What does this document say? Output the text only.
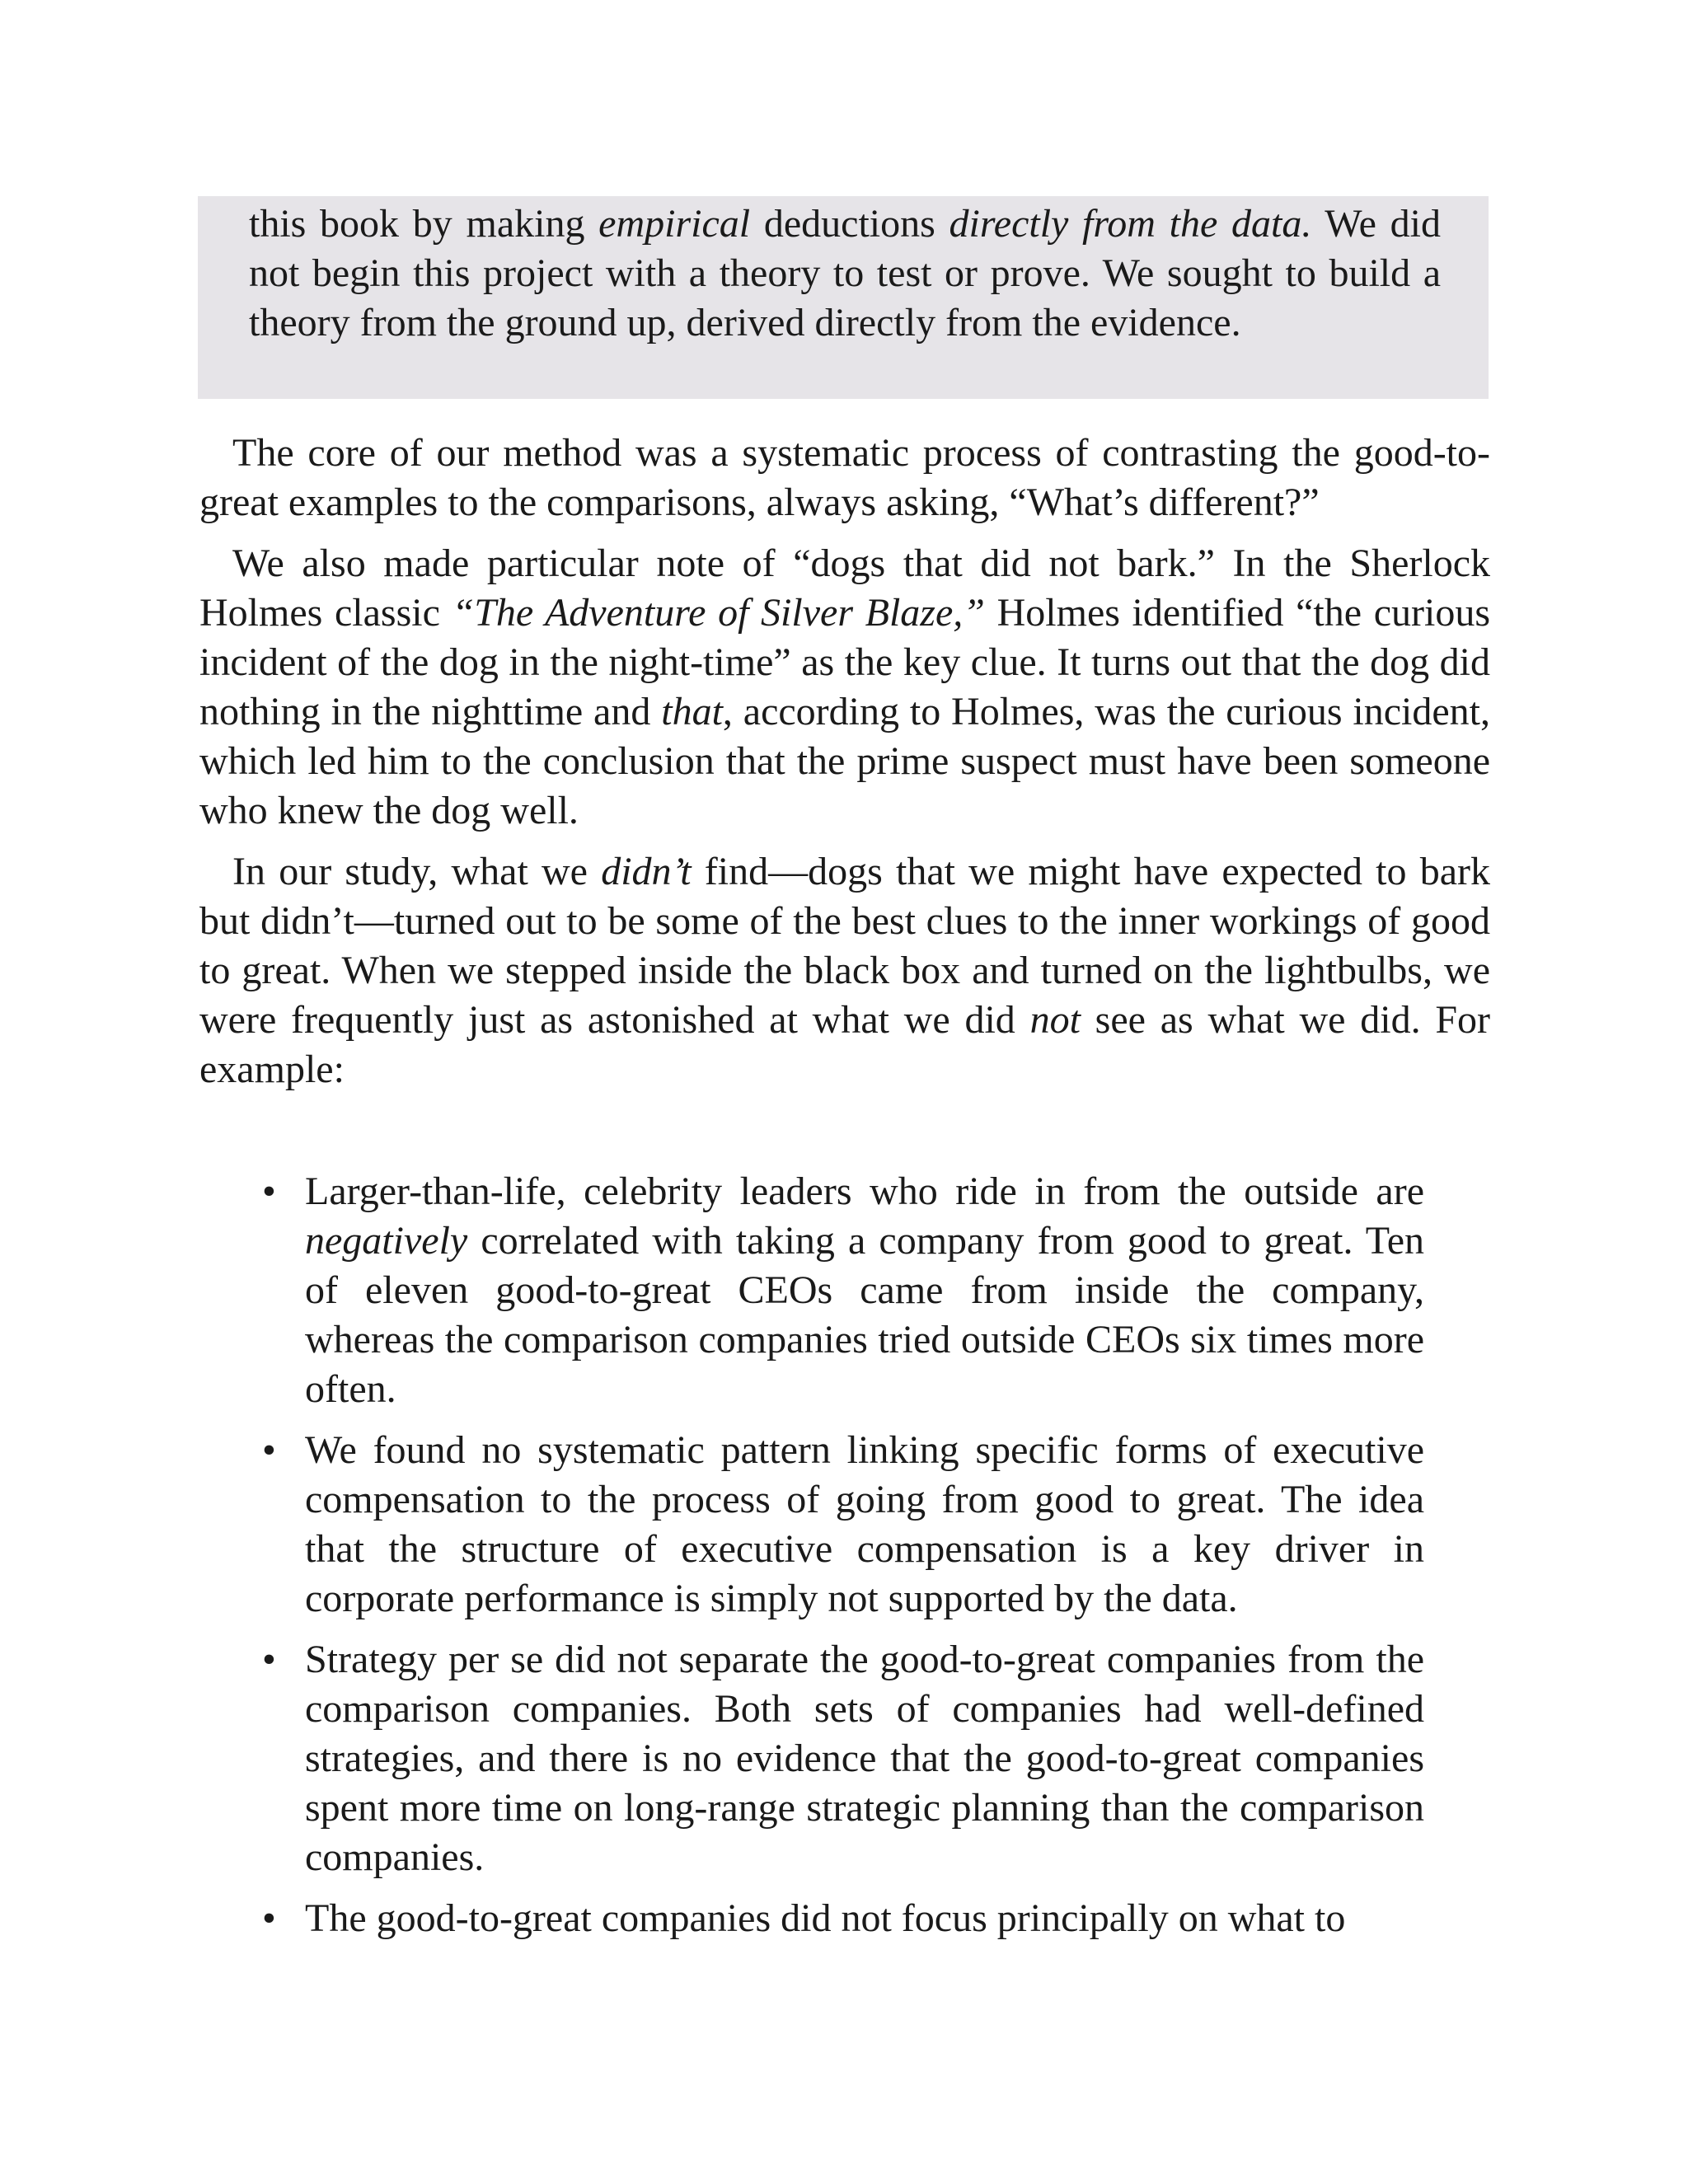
this book by making empirical deductions directly from the data. We did not begin this project with a theory to test or prove. We sought to build a theory from the ground up, derived directly from the evidence.

The core of our method was a systematic process of contrasting the good-to-great examples to the comparisons, always asking, “What’s different?”

We also made particular note of “dogs that did not bark.” In the Sherlock Holmes classic “The Adventure of Silver Blaze,” Holmes identified “the curious incident of the dog in the night-time” as the key clue. It turns out that the dog did nothing in the nighttime and that, according to Holmes, was the curious incident, which led him to the conclusion that the prime suspect must have been someone who knew the dog well.

In our study, what we didn’t find—dogs that we might have expected to bark but didn’t—turned out to be some of the best clues to the inner workings of good to great. When we stepped inside the black box and turned on the lightbulbs, we were frequently just as astonished at what we did not see as what we did. For example:

• Larger-than-life, celebrity leaders who ride in from the outside are negatively correlated with taking a company from good to great. Ten of eleven good-to-great CEOs came from inside the company, whereas the comparison companies tried outside CEOs six times more often.
• We found no systematic pattern linking specific forms of executive compensation to the process of going from good to great. The idea that the structure of executive compensation is a key driver in corporate performance is simply not supported by the data.
• Strategy per se did not separate the good-to-great companies from the comparison companies. Both sets of companies had well-defined strategies, and there is no evidence that the good-to-great companies spent more time on long-range strategic planning than the comparison companies.
• The good-to-great companies did not focus principally on what to
